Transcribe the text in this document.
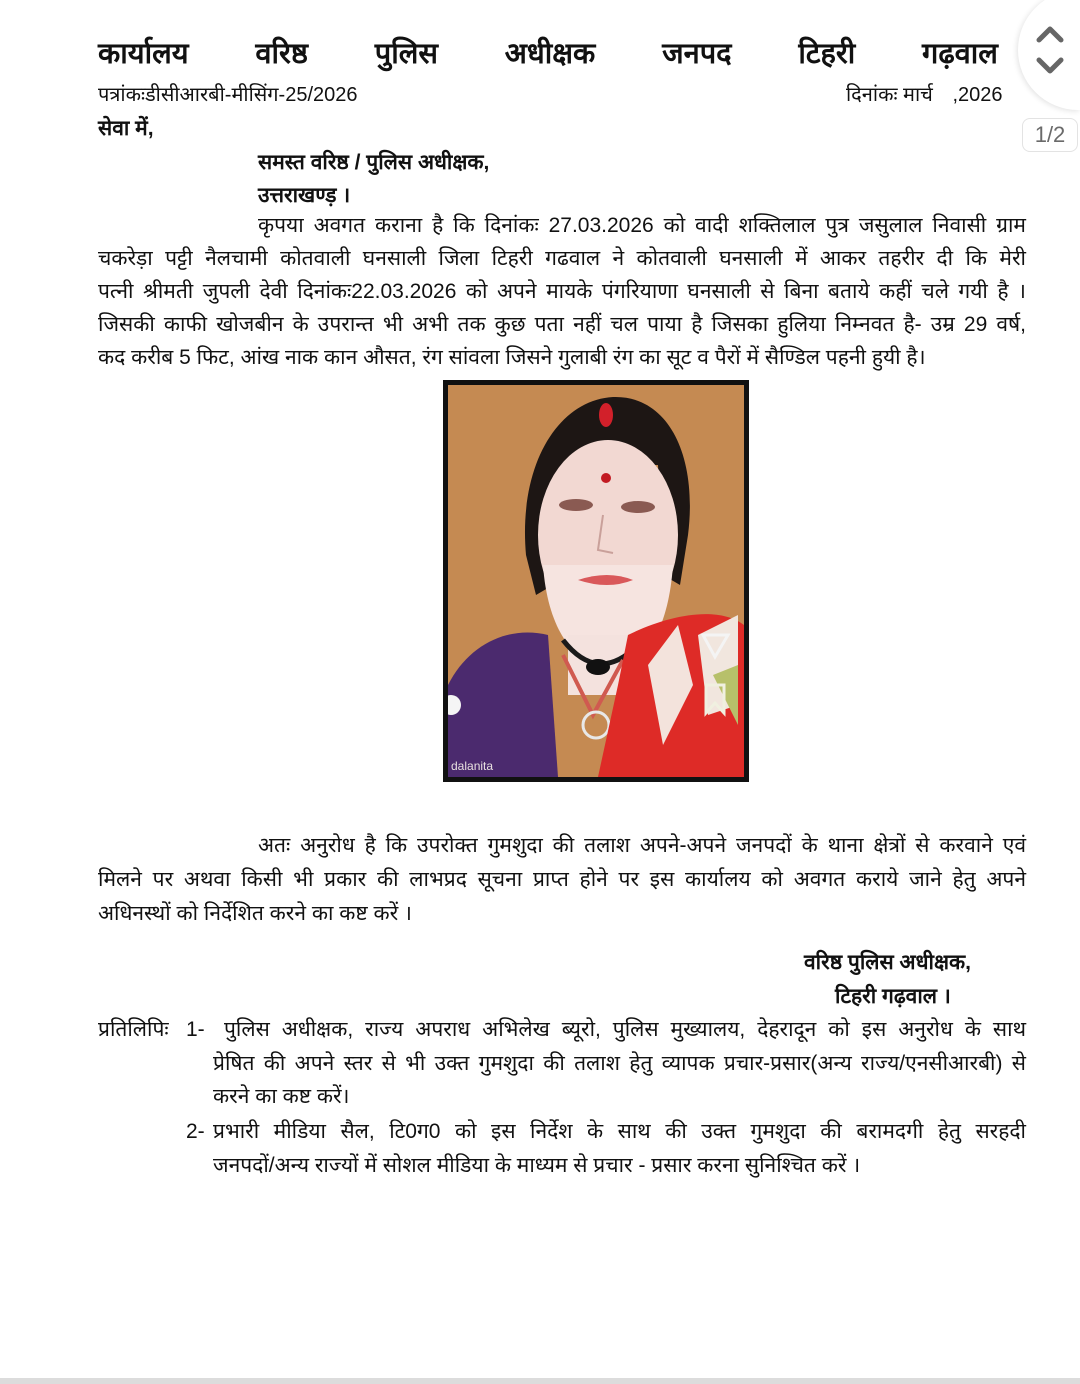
कार्यालय वरिष्ठ पुलिस अधीक्षक जनपद टिहरी गढ़वाल
पत्रांकःडीसीआरबी-मीसिंग-25/2026	दिनांकः मार्च ,2026
सेवा में,
समस्त वरिष्ठ / पुलिस अधीक्षक,
उत्तराखण्ड़ ।
कृपया अवगत कराना है कि दिनांकः 27.03.2026 को वादी शक्तिलाल पुत्र जसुलाल निवासी ग्राम
चकरेड़ा पट्टी नैलचामी कोतवाली घनसाली जिला टिहरी गढवाल ने कोतवाली घनसाली में आकर तहरीर दी कि मेरी
पत्नी श्रीमती जुपली देवी दिनांकः22.03.2026 को अपने मायके पंगरियाणा घनसाली से बिना बताये कहीं चले गयी है ।
जिसकी काफी खोजबीन के उपरान्त भी अभी तक कुछ पता नहीं चल पाया है जिसका हुलिया निम्नवत है- उम्र 29 वर्ष,
कद करीब 5 फिट, आंख नाक कान औसत, रंग सांवला जिसने गुलाबी रंग का सूट व पैरों में सैण्डिल पहनी हुयी है।
dalanita
अतः अनुरोध है कि उपरोक्त गुमशुदा की तलाश अपने-अपने जनपदों के थाना क्षेत्रों से करवाने एवं
मिलने पर अथवा किसी भी प्रकार की लाभप्रद सूचना प्राप्त होने पर इस कार्यालय को अवगत कराये जाने हेतु अपने
अधिनस्थों को निर्देशित करने का कष्ट करें ।
वरिष्ठ पुलिस अधीक्षक,
टिहरी गढ़वाल ।
प्रतिलिपिः 1- पुलिस अधीक्षक, राज्य अपराध अभिलेख ब्यूरो, पुलिस मुख्यालय, देहरादून को इस अनुरोध के साथ
प्रेषित की अपने स्तर से भी उक्त गुमशुदा की तलाश हेतु व्यापक प्रचार-प्रसार(अन्य राज्य/एनसीआरबी) से
करने का कष्ट करें।
2- प्रभारी मीडिया सैल, टि0ग0 को इस निर्देश के साथ की उक्त गुमशुदा की बरामदगी हेतु सरहदी
जनपदों/अन्य राज्यों में सोशल मीडिया के माध्यम से प्रचार - प्रसार करना सुनिश्चित करें ।
1/2
